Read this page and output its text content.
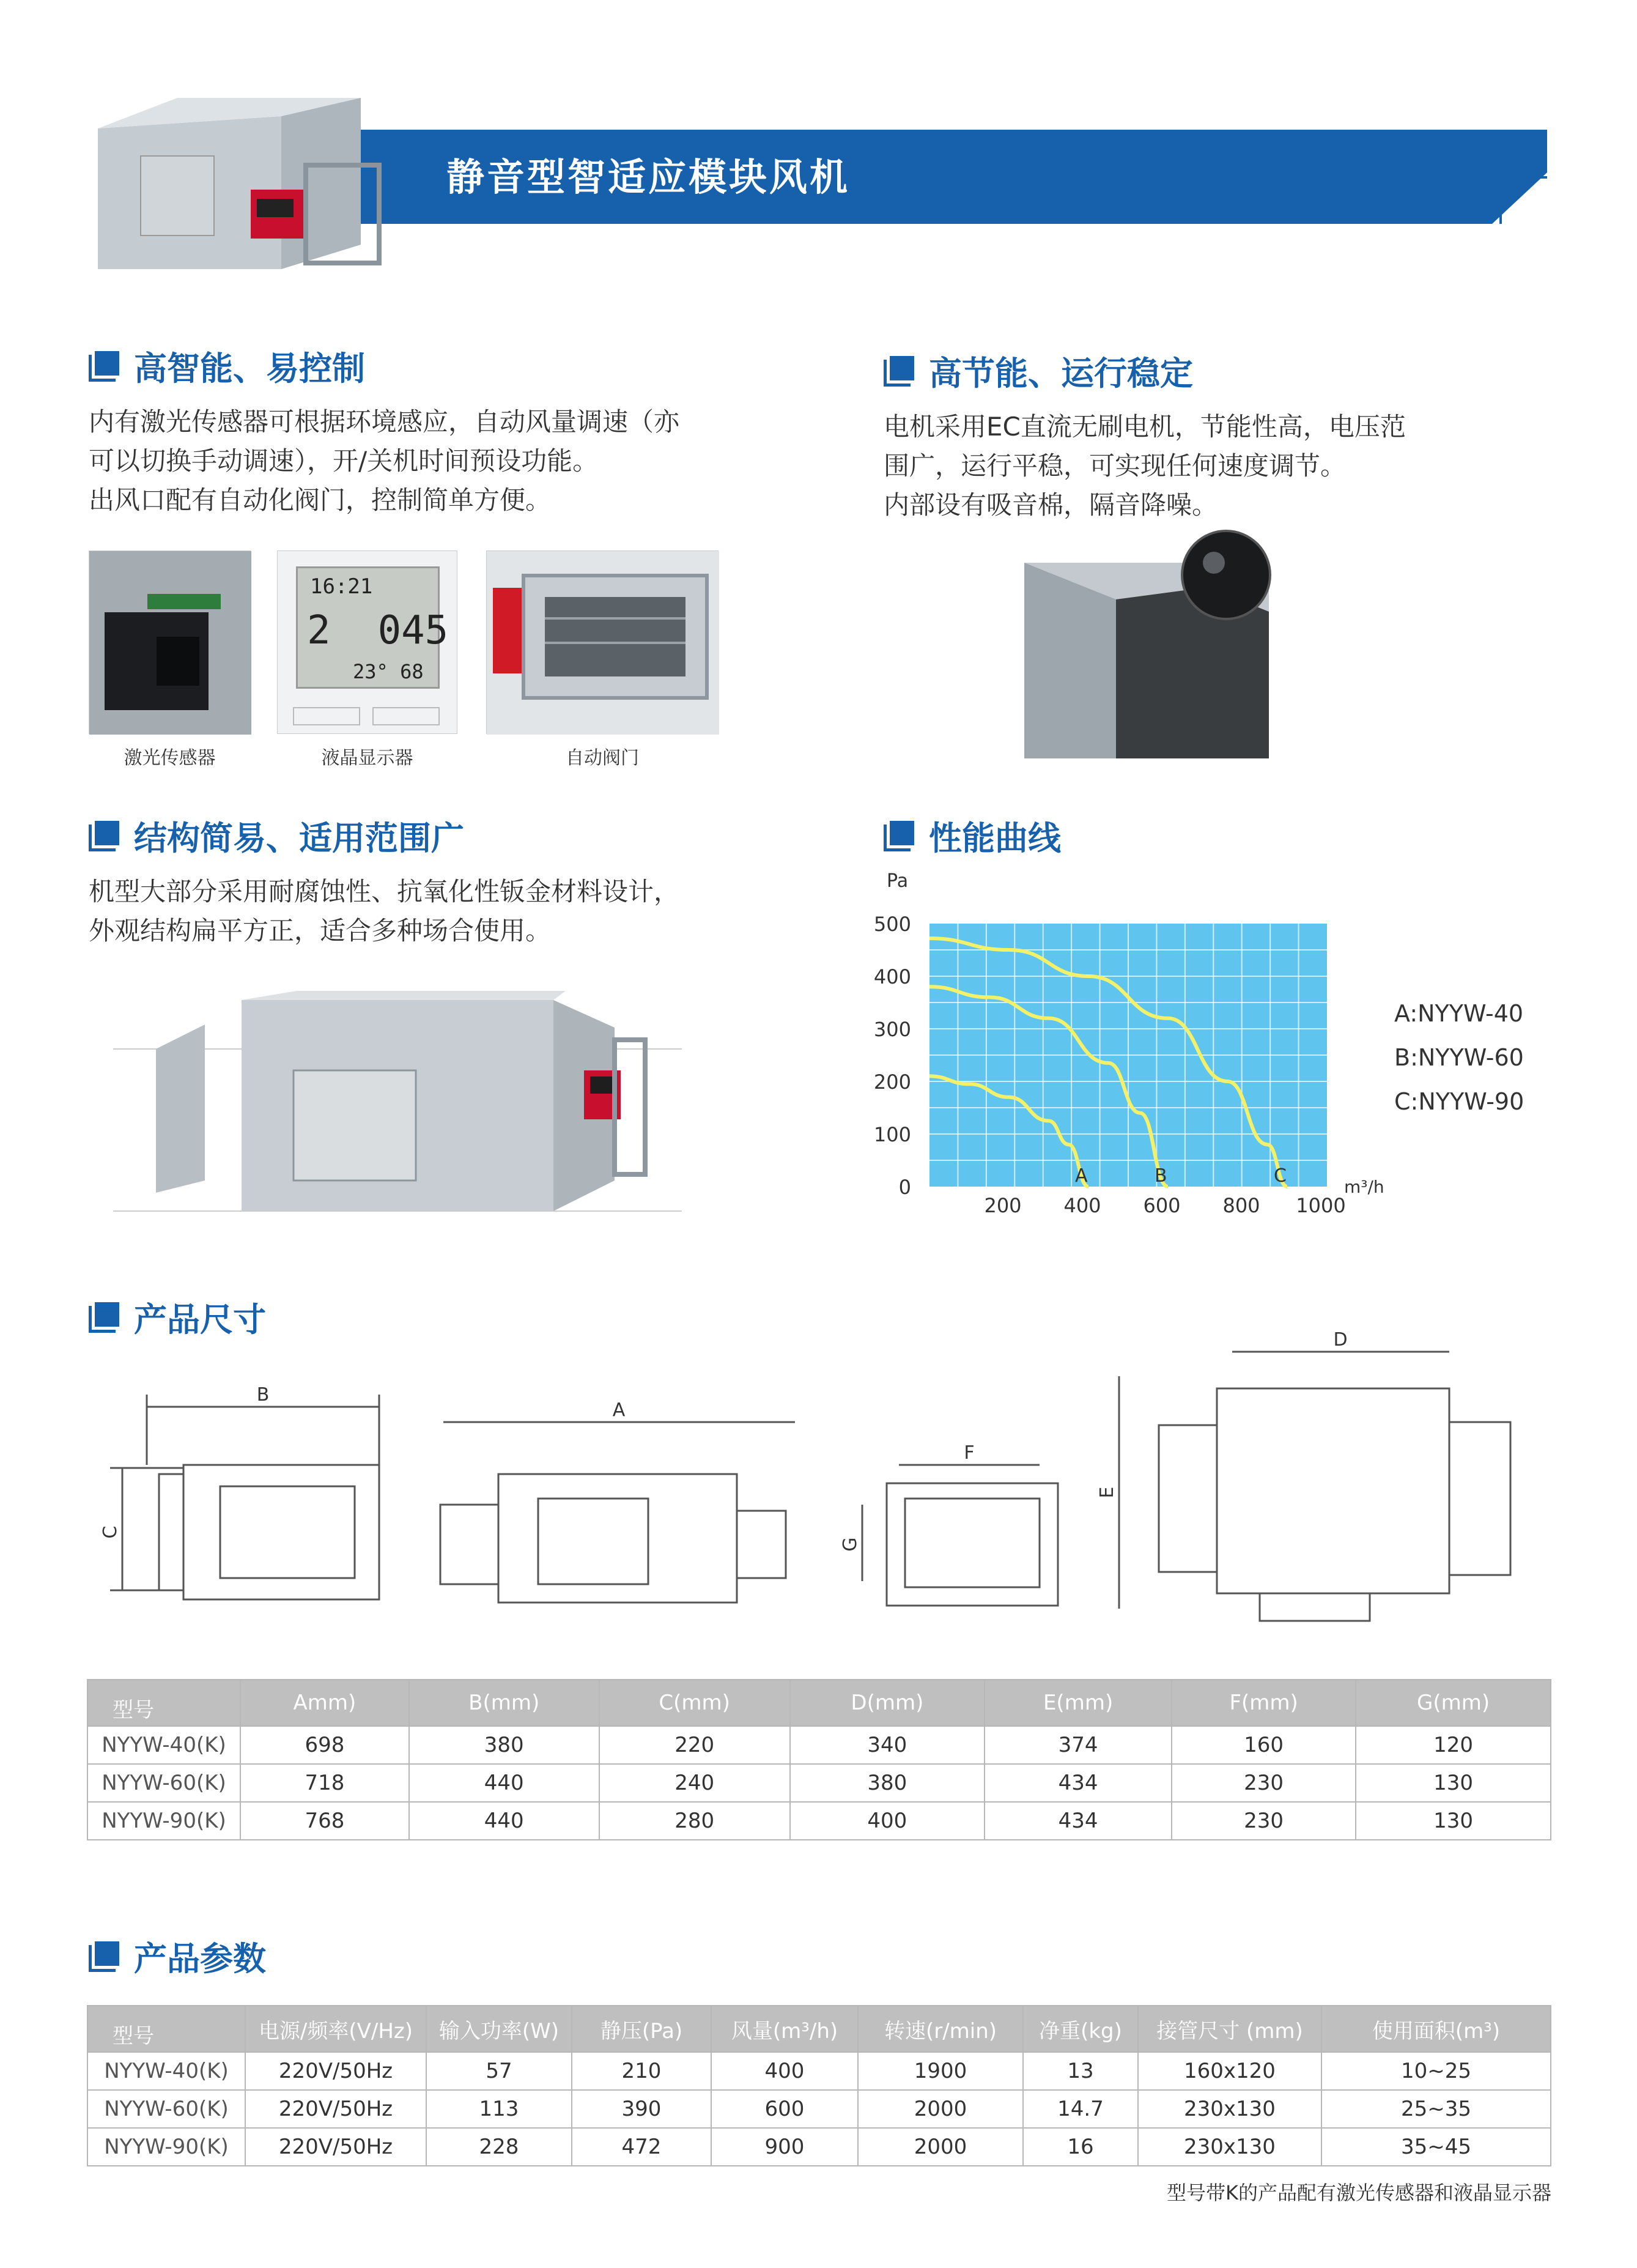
静音型智适应模块风机
高智能、易控制
内有激光传感器可根据环境感应，自动风量调速（亦
可以切换手动调速），开/关机时间预设功能。
出风口配有自动化阀门，控制简单方便。
激光传感器
16:21
2  045
23° 68
液晶显示器	自动阀门
高节能、运行稳定
电机采用EC直流无刷电机，节能性高，电压范
围广，运行平稳，可实现任何速度调节。
内部设有吸音棉，隔音降噪。
结构简易、适用范围广
机型大部分采用耐腐蚀性、抗氧化性钣金材料设计，
外观结构扁平方正，适合多种场合使用。
性能曲线
0
100
200
300
400
500
200 400 600 800 1000
Pa
m³/h
A
A:NYYW-40
B
B:NYYW-60
C
C:NYYW-90
产品尺寸
B
C
A
F
G
D
E
型号	Amm)	B(mm)	C(mm)	D(mm)	E(mm)	F(mm)	G(mm)
NYYW-40(K)	698	380	220	340	374	160	120
NYYW-60(K)	718	440	240	380	434	230	130
NYYW-90(K)	768	440	280	400	434	230	130
产品参数
型号	电源/频率(V/Hz)	输入功率(W)	静压(Pa)	风量(m³/h)	转速(r/min)	净重(kg)	接管尺寸 (mm)	使用面积(m³)
NYYW-40(K)	220V/50Hz	57	210	400	1900	13	160x120	10~25
NYYW-60(K)	220V/50Hz	113	390	600	2000	14.7	230x130	25~35
NYYW-90(K)	220V/50Hz	228	472	900	2000	16	230x130	35~45
型号带K的产品配有激光传感器和液晶显示器
